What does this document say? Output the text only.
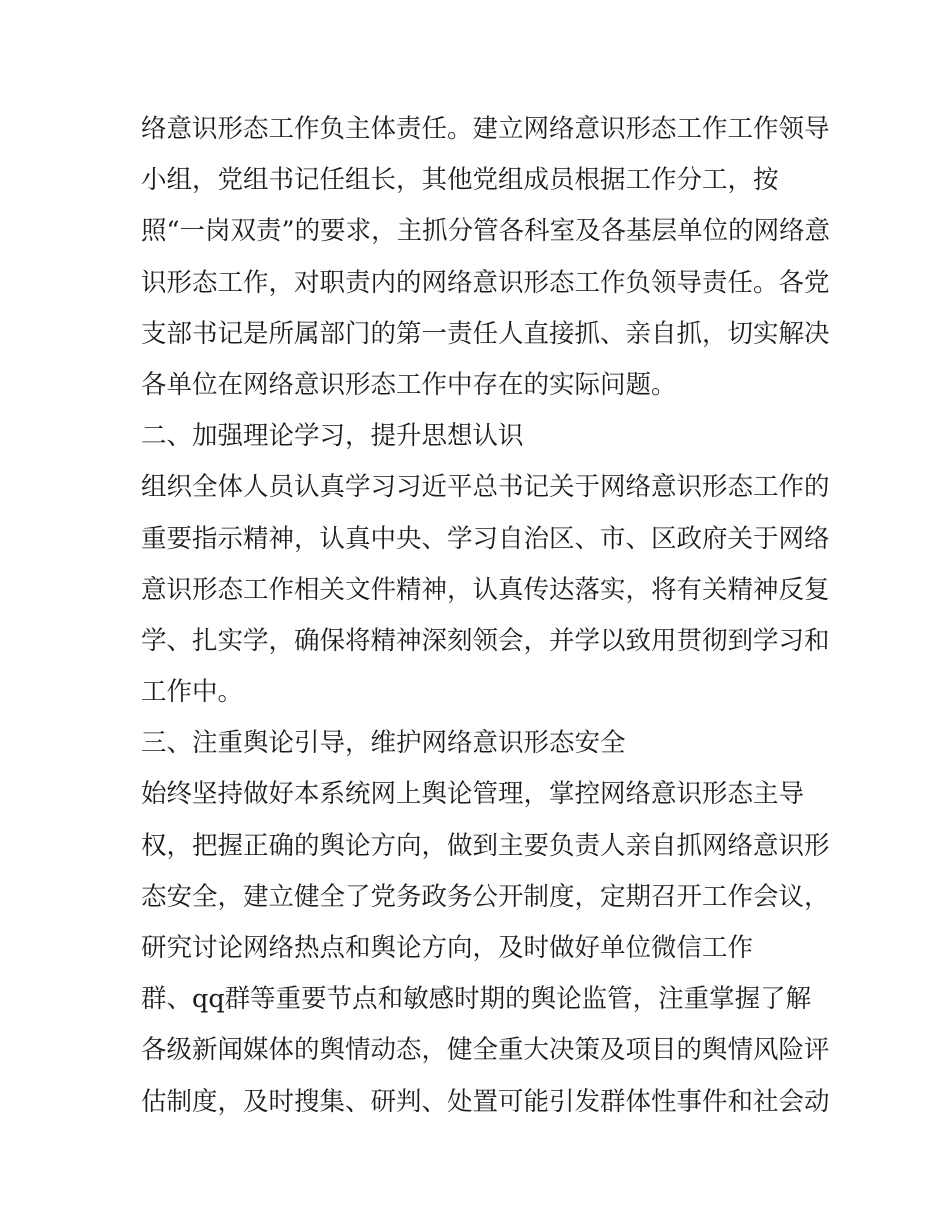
络意识形态工作负主体责任。建立网络意识形态工作工作领导
小组，党组书记任组长，其他党组成员根据工作分工，按
照“一岗双责”的要求，主抓分管各科室及各基层单位的网络意
识形态工作，对职责内的网络意识形态工作负领导责任。各党
支部书记是所属部门的第一责任人直接抓、亲自抓，切实解决
各单位在网络意识形态工作中存在的实际问题。
二、加强理论学习，提升思想认识
组织全体人员认真学习习近平总书记关于网络意识形态工作的
重要指示精神，认真中央、学习自治区、市、区政府关于网络
意识形态工作相关文件精神，认真传达落实，将有关精神反复
学、扎实学，确保将精神深刻领会，并学以致用贯彻到学习和
工作中。
三、注重舆论引导，维护网络意识形态安全
始终坚持做好本系统网上舆论管理，掌控网络意识形态主导
权，把握正确的舆论方向，做到主要负责人亲自抓网络意识形
态安全，建立健全了党务政务公开制度，定期召开工作会议，
研究讨论网络热点和舆论方向，及时做好单位微信工作
群、qq群等重要节点和敏感时期的舆论监管，注重掌握了解
各级新闻媒体的舆情动态，健全重大决策及项目的舆情风险评
估制度，及时搜集、研判、处置可能引发群体性事件和社会动
